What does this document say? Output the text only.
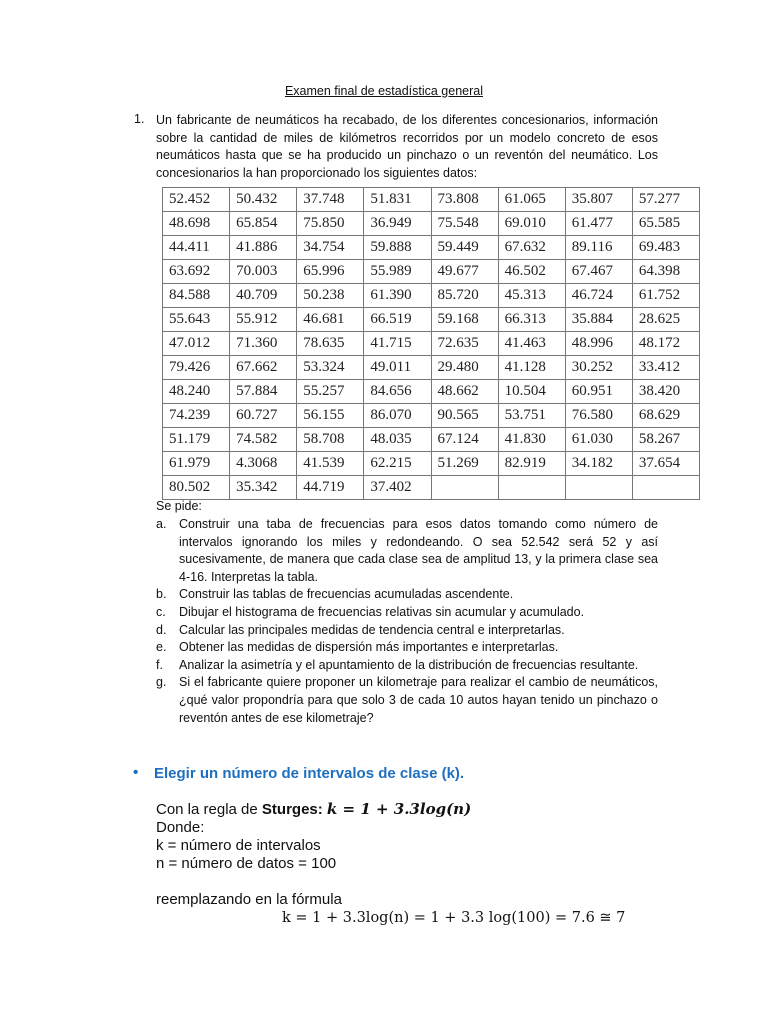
Examen final de estadística general
1. Un fabricante de neumáticos ha recabado, de los diferentes concesionarios, información sobre la cantidad de miles de kilómetros recorridos por un modelo concreto de esos neumáticos hasta que se ha producido un pinchazo o un reventón del neumático. Los concesionarios la han proporcionado los siguientes datos:
52.452	50.432	37.748	51.831	73.808	61.065	35.807	57.277
48.698	65.854	75.850	36.949	75.548	69.010	61.477	65.585
44.411	41.886	34.754	59.888	59.449	67.632	89.116	69.483
63.692	70.003	65.996	55.989	49.677	46.502	67.467	64.398
84.588	40.709	50.238	61.390	85.720	45.313	46.724	61.752
55.643	55.912	46.681	66.519	59.168	66.313	35.884	28.625
47.012	71.360	78.635	41.715	72.635	41.463	48.996	48.172
79.426	67.662	53.324	49.011	29.480	41.128	30.252	33.412
48.240	57.884	55.257	84.656	48.662	10.504	60.951	38.420
74.239	60.727	56.155	86.070	90.565	53.751	76.580	68.629
51.179	74.582	58.708	48.035	67.124	41.830	61.030	58.267
61.979	4.3068	41.539	62.215	51.269	82.919	34.182	37.654
80.502	35.342	44.719	37.402				
Se pide:
a. Construir una taba de frecuencias para esos datos tomando como número de intervalos ignorando los miles y redondeando. O sea 52.542 será 52 y así sucesivamente, de manera que cada clase sea de amplitud 13, y la primera clase sea 4-16. Interpretas la tabla.
b. Construir las tablas de frecuencias acumuladas ascendente.
c. Dibujar el histograma de frecuencias relativas sin acumular y acumulado.
d. Calcular las principales medidas de tendencia central e interpretarlas.
e. Obtener las medidas de dispersión más importantes e interpretarlas.
f. Analizar la asimetría y el apuntamiento de la distribución de frecuencias resultante.
g. Si el fabricante quiere proponer un kilometraje para realizar el cambio de neumáticos, ¿qué valor propondría para que solo 3 de cada 10 autos hayan tenido un pinchazo o reventón antes de ese kilometraje?
• Elegir un número de intervalos de clase (k).
Con la regla de Sturges: k = 1 + 3.3log(n)
Donde:
k = número de intervalos
n = número de datos = 100
reemplazando en la fórmula
k = 1 + 3.3log(n) = 1 + 3.3 log(100) = 7.6 ≅ 7
